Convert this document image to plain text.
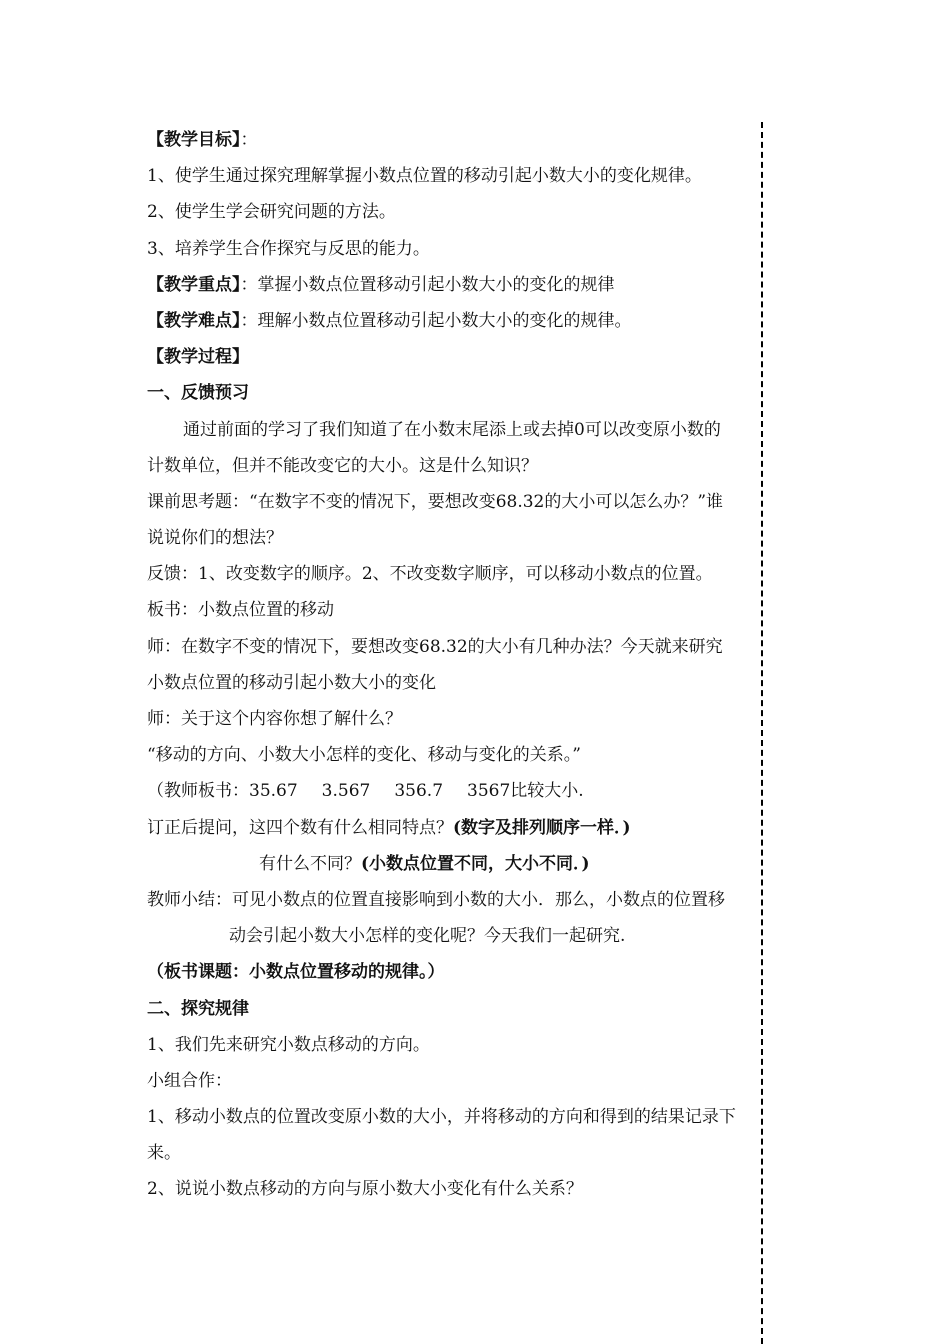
【教学目标】：
1、使学生通过探究理解掌握小数点位置的移动引起小数大小的变化规律。
2、使学生学会研究问题的方法。
3、培养学生合作探究与反思的能力。
【教学重点】：掌握小数点位置移动引起小数大小的变化的规律
【教学难点】：理解小数点位置移动引起小数大小的变化的规律。
【教学过程】
一、反馈预习
通过前面的学习了我们知道了在小数末尾添上或去掉0可以改变原小数的
计数单位，但并不能改变它的大小。这是什么知识？
课前思考题：“在数字不变的情况下，要想改变68.32的大小可以怎么办？”谁
说说你们的想法？
反馈：1、改变数字的顺序。2、不改变数字顺序，可以移动小数点的位置。
板书：小数点位置的移动
师：在数字不变的情况下，要想改变68.32的大小有几种办法？今天就来研究
小数点位置的移动引起小数大小的变化
师：关于这个内容你想了解什么？
“移动的方向、小数大小怎样的变化、移动与变化的关系。”
（教师板书：35.67 3.567 356.7 3567比较大小.
订正后提问，这四个数有什么相同特点？(数字及排列顺序一样．)
有什么不同？(小数点位置不同，大小不同．)
教师小结：可见小数点的位置直接影响到小数的大小．那么，小数点的位置移
动会引起小数大小怎样的变化呢？今天我们一起研究.
（板书课题：小数点位置移动的规律。）
二、探究规律
1、我们先来研究小数点移动的方向。
小组合作：
1、移动小数点的位置改变原小数的大小，并将移动的方向和得到的结果记录下
来。
2、说说小数点移动的方向与原小数大小变化有什么关系？
